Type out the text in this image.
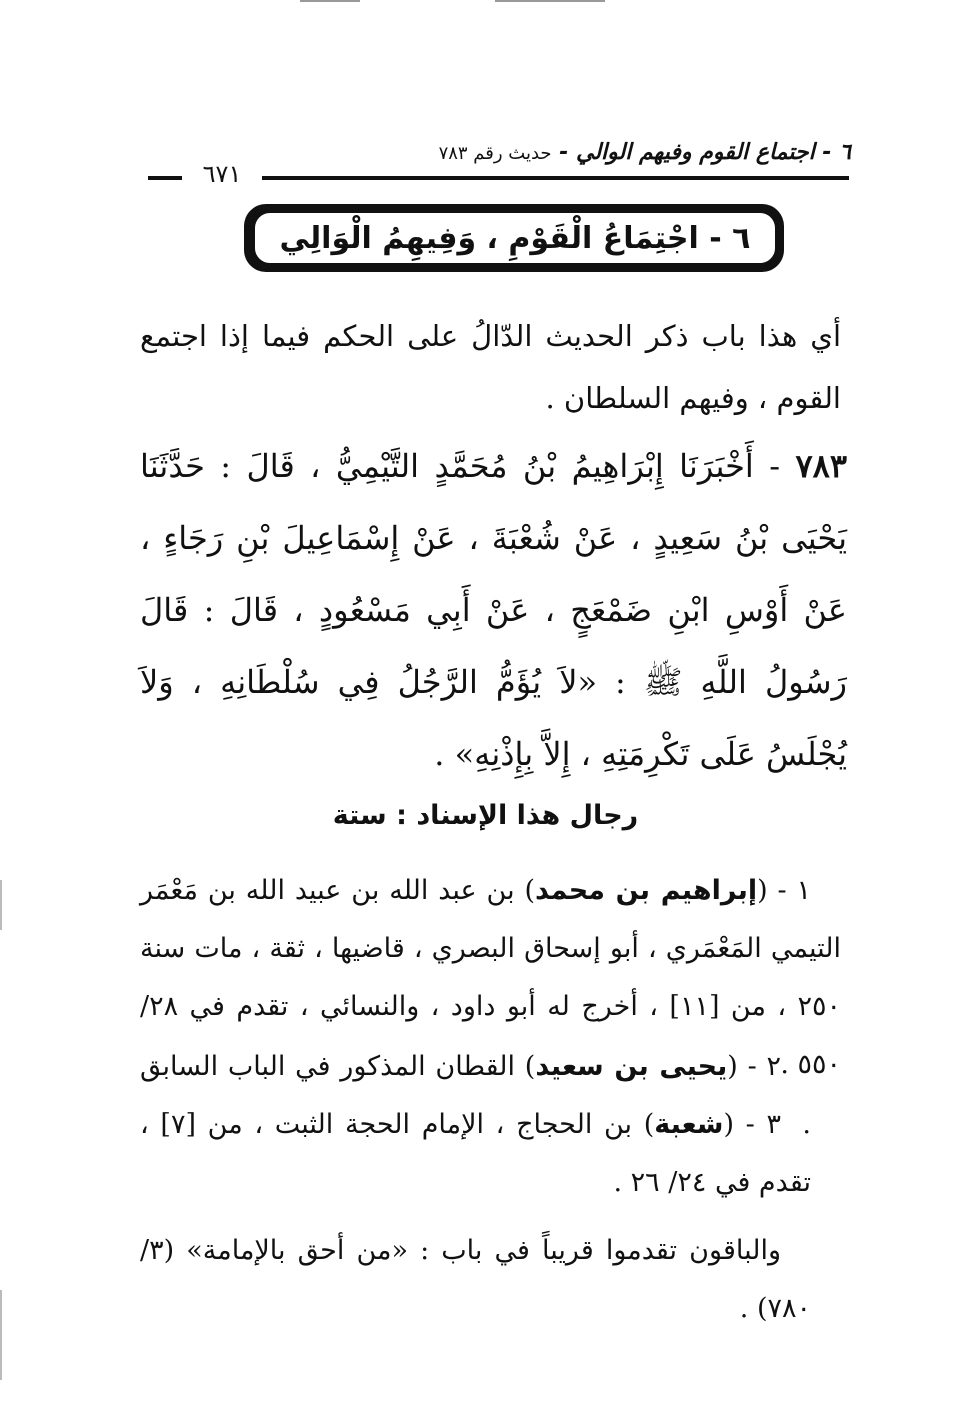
٦ - اجتماع القوم وفيهم الوالي - حديث رقم ٧٨٣
٦٧١
٦ - اجْتِمَاعُ الْقَوْمِ ، وَفِيهِمُ الْوَالِي
أي هذا باب ذكر الحديث الدّالُ على الحكم فيما إذا اجتمع القوم ، وفيهم السلطان .
٧٨٣ - أَخْبَرَنَا إِبْرَاهِيمُ بْنُ مُحَمَّدٍ التَّيْمِيُّ ، قَالَ : حَدَّثَنَا يَحْيَى بْنُ سَعِيدٍ ، عَنْ شُعْبَةَ ، عَنْ إِسْمَاعِيلَ بْنِ رَجَاءٍ ، عَنْ أَوْسِ ابْنِ ضَمْعَجٍ ، عَنْ أَبِي مَسْعُودٍ ، قَالَ : قَالَ رَسُولُ اللَّهِ ﷺ : «لاَ يُؤَمُّ الرَّجُلُ فِي سُلْطَانِهِ ، وَلاَ يُجْلَسُ عَلَى تَكْرِمَتِهِ ، إِلاَّ بِإِذْنِهِ» .
رجال هذا الإسناد : ستة
١ - (إبراهيم بن محمد) بن عبد الله بن عبيد الله بن مَعْمَر التيمي المَعْمَري ، أبو إسحاق البصري ، قاضيها ، ثقة ، مات سنة ٢٥٠ ، من [١١] ، أخرج له أبو داود ، والنسائي ، تقدم في ٢٨/ ٥٥٠ .
٢ - (يحيى بن سعيد) القطان المذكور في الباب السابق .
٣ - (شعبة) بن الحجاج ، الإمام الحجة الثبت ، من [٧] ، تقدم في ٢٤/ ٢٦ .
والباقون تقدموا قريباً في باب : «من أحق بالإمامة» (٣/ ٧٨٠) .
